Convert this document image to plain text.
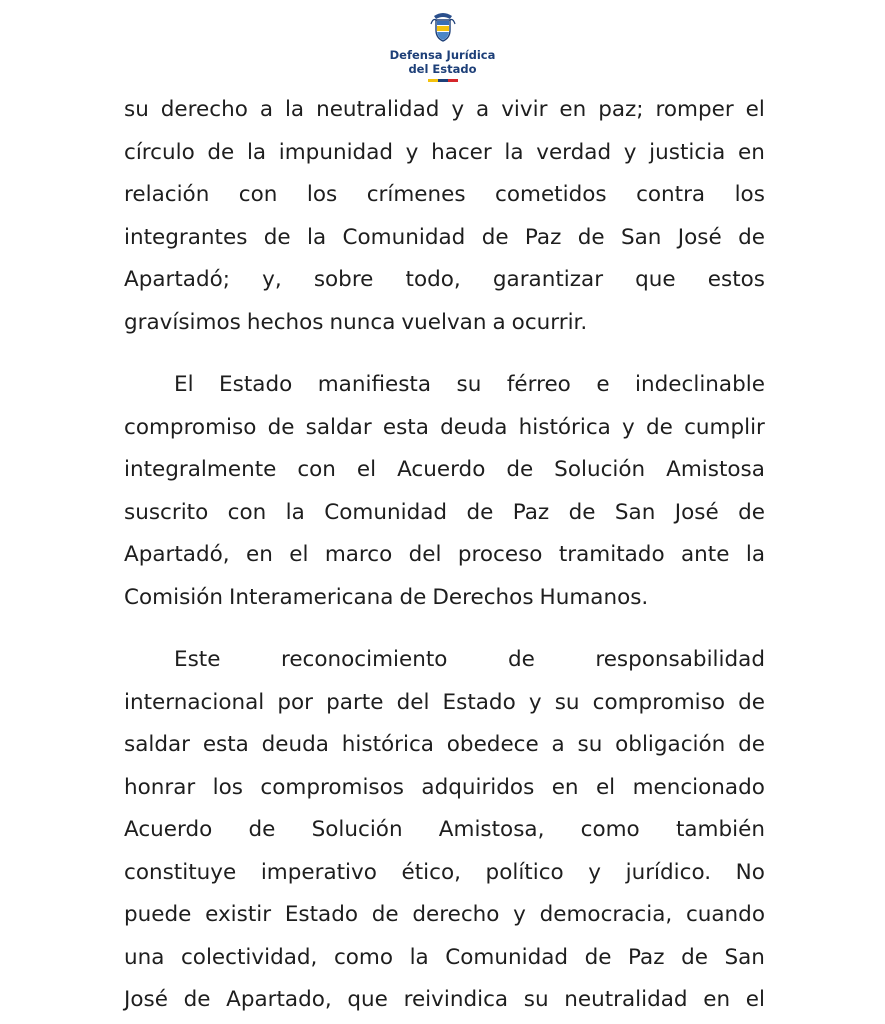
Defensa Jurídica
del Estado
su derecho a la neutralidad y a vivir en paz; romper el
círculo de la impunidad y hacer la verdad y justicia en
relación con los crímenes cometidos contra los
integrantes de la Comunidad de Paz de San José de
Apartadó; y, sobre todo, garantizar que estos
gravísimos hechos nunca vuelvan a ocurrir.
El Estado manifiesta su férreo e indeclinable
compromiso de saldar esta deuda histórica y de cumplir
integralmente con el Acuerdo de Solución Amistosa
suscrito con la Comunidad de Paz de San José de
Apartadó, en el marco del proceso tramitado ante la
Comisión Interamericana de Derechos Humanos.
Este	reconocimiento	de	responsabilidad
internacional por parte del Estado y su compromiso de
saldar esta deuda histórica obedece a su obligación de
honrar los compromisos adquiridos en el mencionado
Acuerdo de Solución Amistosa, como también
constituye imperativo ético, político y jurídico. No
puede existir Estado de derecho y democracia, cuando
una colectividad, como la Comunidad de Paz de San
José de Apartado, que reivindica su neutralidad en el
